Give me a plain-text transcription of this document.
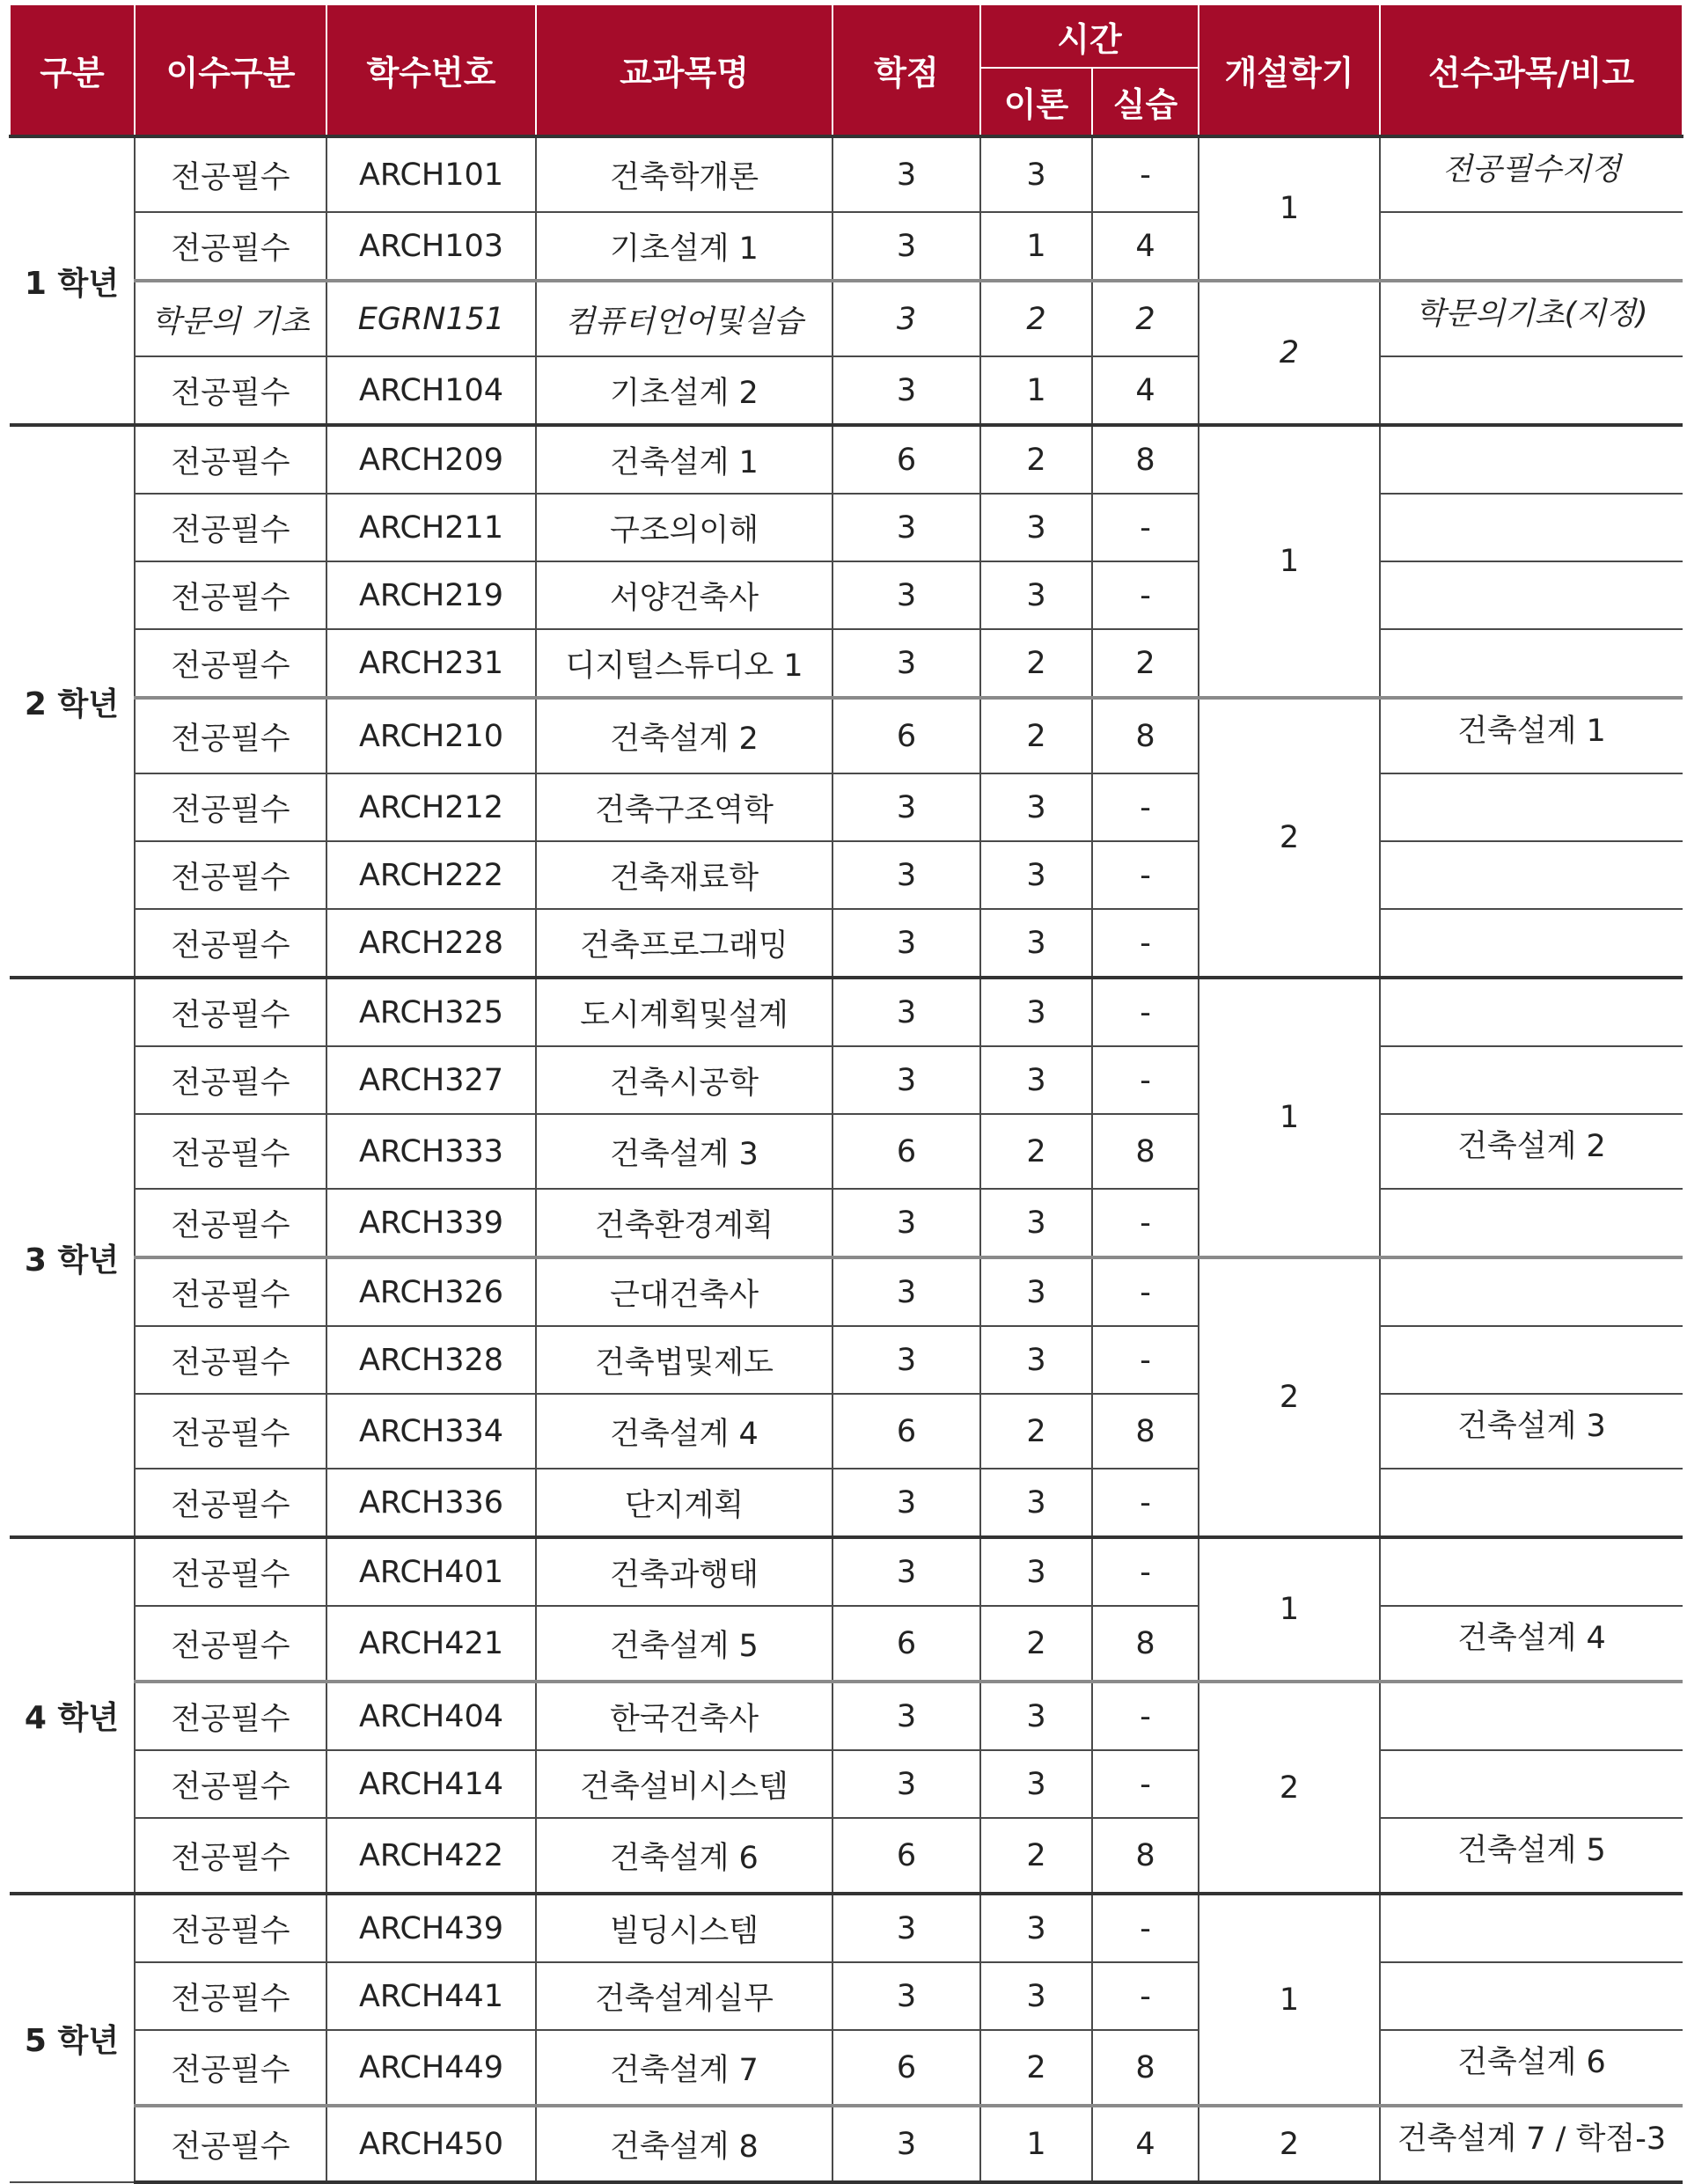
구분	이수구분	학수번호	교과목명	학점	시간		개설학기	선수과목/비고
					이론	실습		
1 학년	전공필수	ARCH101	건축학개론	3	3	-	1	전공필수지정
	전공필수	ARCH103	기초설계 1	3	1	4		
	학문의 기초	EGRN151	컴퓨터언어및실습	3	2	2	2	학문의기초(지정)
	전공필수	ARCH104	기초설계 2	3	1	4		
2 학년	전공필수	ARCH209	건축설계 1	6	2	8	1	
	전공필수	ARCH211	구조의이해	3	3	-		
	전공필수	ARCH219	서양건축사	3	3	-		
	전공필수	ARCH231	디지털스튜디오 1	3	2	2		
	전공필수	ARCH210	건축설계 2	6	2	8	2	건축설계 1
	전공필수	ARCH212	건축구조역학	3	3	-		
	전공필수	ARCH222	건축재료학	3	3	-		
	전공필수	ARCH228	건축프로그래밍	3	3	-		
3 학년	전공필수	ARCH325	도시계획및설계	3	3	-	1	
	전공필수	ARCH327	건축시공학	3	3	-		
	전공필수	ARCH333	건축설계 3	6	2	8		건축설계 2
	전공필수	ARCH339	건축환경계획	3	3	-		
	전공필수	ARCH326	근대건축사	3	3	-	2	
	전공필수	ARCH328	건축법및제도	3	3	-		
	전공필수	ARCH334	건축설계 4	6	2	8		건축설계 3
	전공필수	ARCH336	단지계획	3	3	-		
4 학년	전공필수	ARCH401	건축과행태	3	3	-	1	
	전공필수	ARCH421	건축설계 5	6	2	8		건축설계 4
	전공필수	ARCH404	한국건축사	3	3	-	2	
	전공필수	ARCH414	건축설비시스템	3	3	-		
	전공필수	ARCH422	건축설계 6	6	2	8		건축설계 5
5 학년	전공필수	ARCH439	빌딩시스템	3	3	-	1	
	전공필수	ARCH441	건축설계실무	3	3	-		
	전공필수	ARCH449	건축설계 7	6	2	8		건축설계 6
	전공필수	ARCH450	건축설계 8	3	1	4	2	건축설계 7 / 학점-3
